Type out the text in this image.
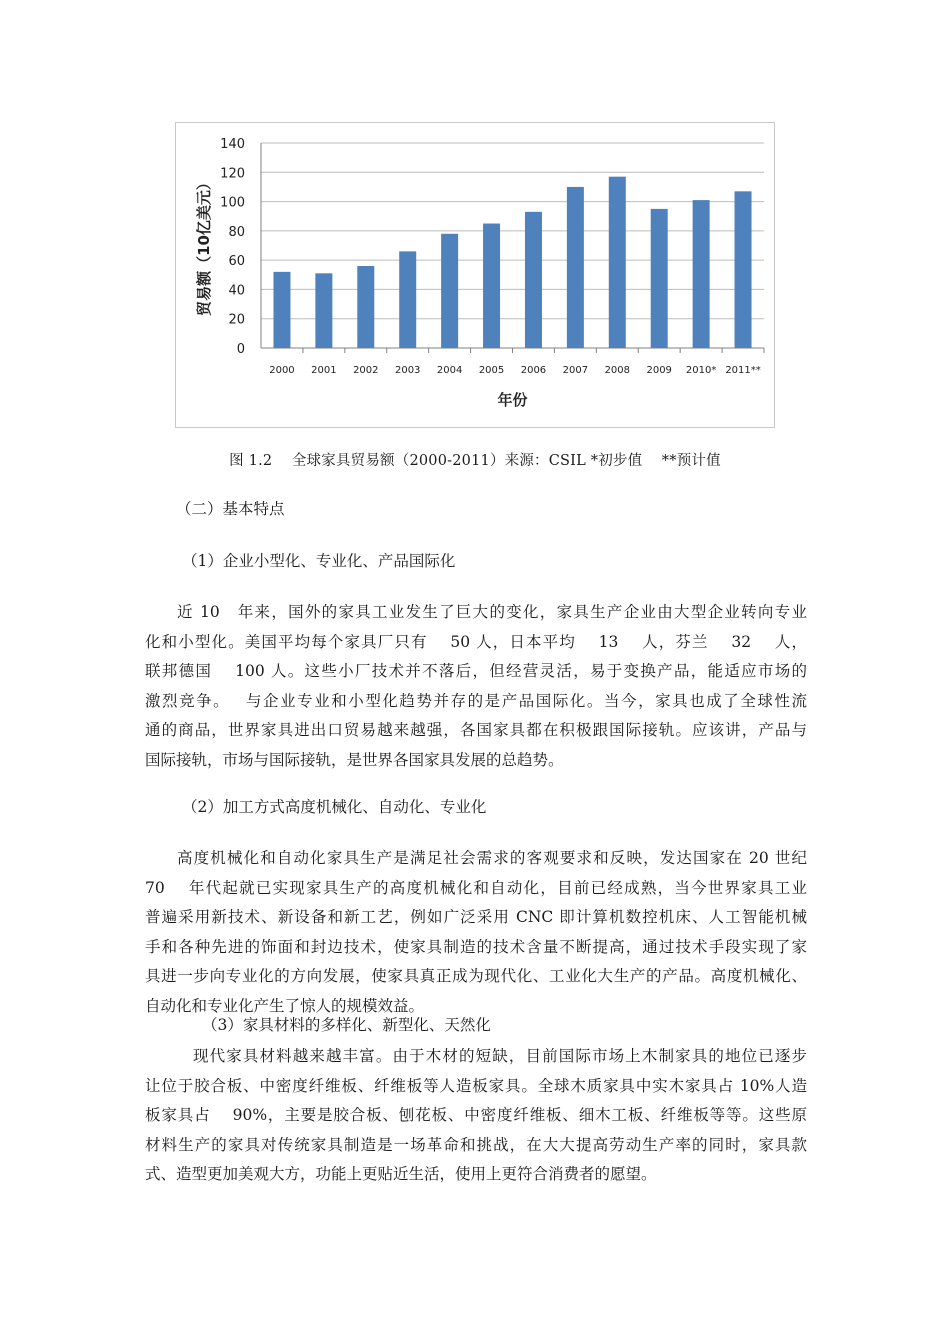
0
20
40
60
80
100
120
140
2000 2001 2002 2003 2004 2005 2006 2007 2008 2009 2010* 2011**
年份
贸易额（10亿美元）
图 1.2　 全球家具贸易额（2000-2011）来源：CSIL *初步值　 **预计值
（二）基本特点
（1）企业小型化、专业化、产品国际化
近 10　年来，国外的家具工业发生了巨大的变化，家具生产企业由大型企业转向专业
化和小型化。美国平均每个家具厂只有　 50 人，日本平均　 13　 人，芬兰　 32　 人，
联邦德国　 100 人。这些小厂技术并不落后，但经营灵活，易于变换产品，能适应市场的
激烈竞争。　 与企业专业和小型化趋势并存的是产品国际化。当今，家具也成了全球性流
通的商品，世界家具进出口贸易越来越强，各国家具都在积极跟国际接轨。应该讲，产品与
国际接轨，市场与国际接轨，是世界各国家具发展的总趋势。
（2）加工方式高度机械化、自动化、专业化
高度机械化和自动化家具生产是满足社会需求的客观要求和反映，发达国家在 20 世纪
70　 年代起就已实现家具生产的高度机械化和自动化，目前已经成熟，当今世界家具工业
普遍采用新技术、新设备和新工艺，例如广泛采用 CNC 即计算机数控机床、人工智能机械
手和各种先进的饰面和封边技术，使家具制造的技术含量不断提高，通过技术手段实现了家
具进一步向专业化的方向发展，使家具真正成为现代化、工业化大生产的产品。高度机械化、
自动化和专业化产生了惊人的规模效益。
（3）家具材料的多样化、新型化、天然化
现代家具材料越来越丰富。由于木材的短缺，目前国际市场上木制家具的地位已逐步
让位于胶合板、中密度纤维板、纤维板等人造板家具。全球木质家具中实木家具占 10%人造
板家具占　 90%，主要是胶合板、刨花板、中密度纤维板、细木工板、纤维板等等。这些原
材料生产的家具对传统家具制造是一场革命和挑战，在大大提高劳动生产率的同时，家具款
式、造型更加美观大方，功能上更贴近生活，使用上更符合消费者的愿望。
